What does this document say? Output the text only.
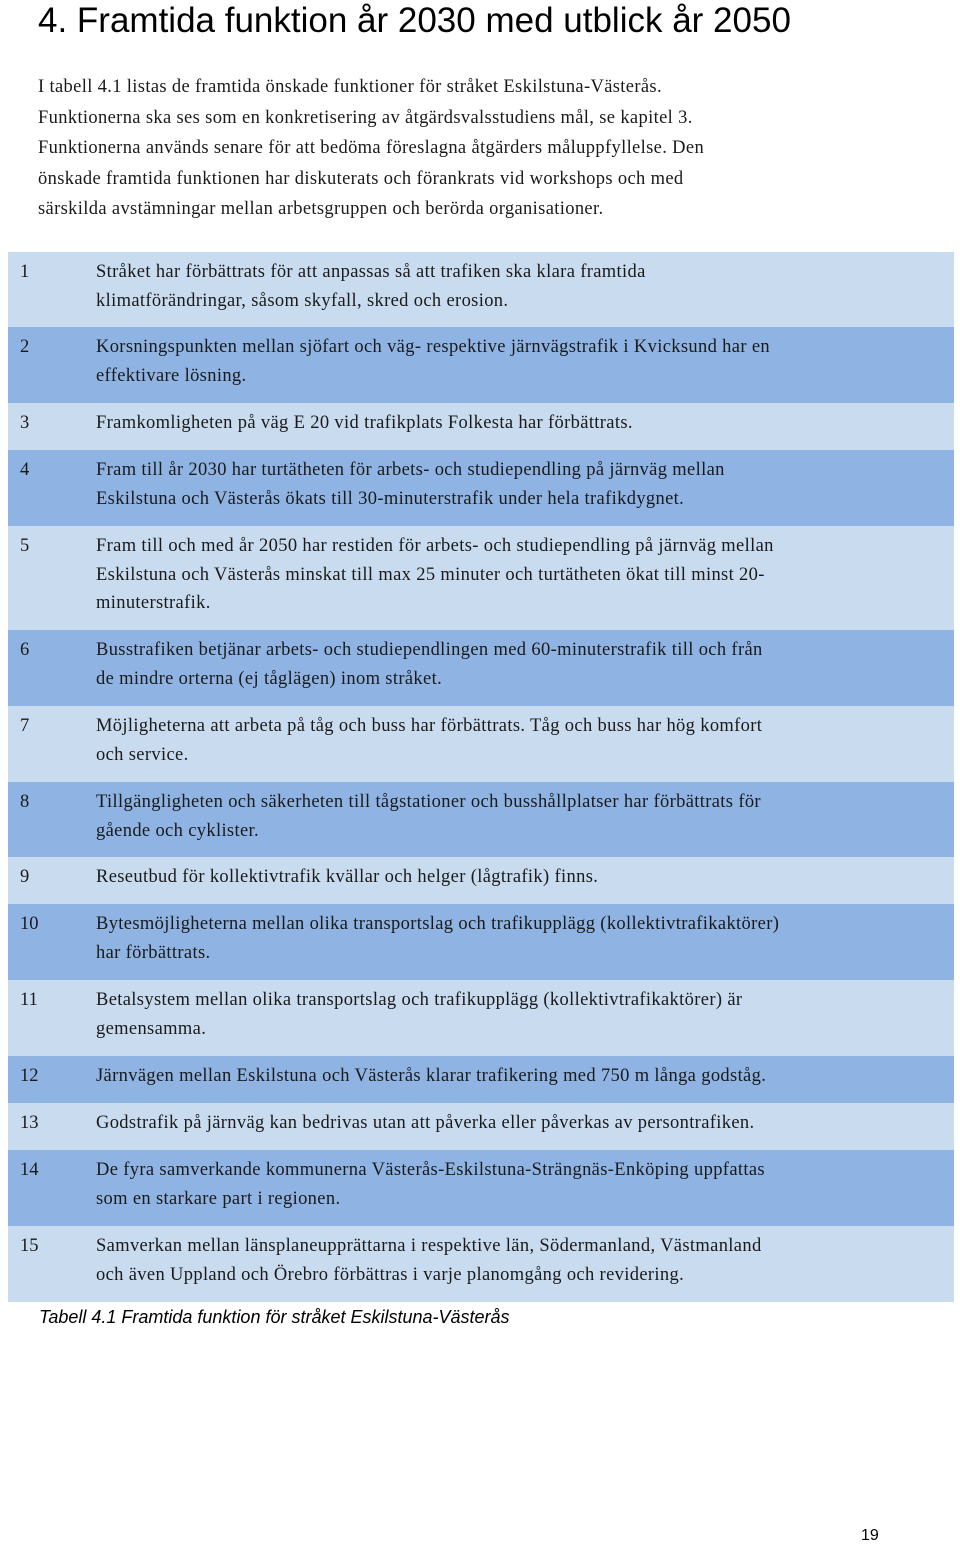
4. Framtida funktion år 2030 med utblick år 2050

I tabell 4.1 listas de framtida önskade funktioner för stråket Eskilstuna-Västerås.

Funktionerna ska ses som en konkretisering av åtgärdsvalsstudiens mål, se kapitel 3.

Funktionerna används senare för att bedöma föreslagna åtgärders måluppfyllelse. Den

önskade framtida funktionen har diskuterats och förankrats vid workshops och med

särskilda avstämningar mellan arbetsgruppen och berörda organisationer.

1	Stråket har förbättrats för att anpassas så att trafiken ska klara framtida
klimatförändringar, såsom skyfall, skred och erosion.
2	Korsningspunkten mellan sjöfart och väg- respektive järnvägstrafik i Kvicksund har en
effektivare lösning.
3	Framkomligheten på väg E 20 vid trafikplats Folkesta har förbättrats.
4	Fram till år 2030 har turtätheten för arbets- och studiependling på järnväg mellan
Eskilstuna och Västerås ökats till 30-minuterstrafik under hela trafikdygnet.
5	Fram till och med år 2050 har restiden för arbets- och studiependling på järnväg mellan
Eskilstuna och Västerås minskat till max 25 minuter och turtätheten ökat till minst 20-
minuterstrafik.
6	Busstrafiken betjänar arbets- och studiependlingen med 60-minuterstrafik till och från
de mindre orterna (ej tåglägen) inom stråket.
7	Möjligheterna att arbeta på tåg och buss har förbättrats. Tåg och buss har hög komfort
och service.
8	Tillgängligheten och säkerheten till tågstationer och busshållplatser har förbättrats för
gående och cyklister.
9	Reseutbud för kollektivtrafik kvällar och helger (lågtrafik) finns.
10	Bytesmöjligheterna mellan olika transportslag och trafikupplägg (kollektivtrafikaktörer)
har förbättrats.
11	Betalsystem mellan olika transportslag och trafikupplägg (kollektivtrafikaktörer) är
gemensamma.
12	Järnvägen mellan Eskilstuna och Västerås klarar trafikering med 750 m långa godståg.
13	Godstrafik på järnväg kan bedrivas utan att påverka eller påverkas av persontrafiken.
14	De fyra samverkande kommunerna Västerås-Eskilstuna-Strängnäs-Enköping uppfattas
som en starkare part i regionen.
15	Samverkan mellan länsplaneupprättarna i respektive län, Södermanland, Västmanland
och även Uppland och Örebro förbättras i varje planomgång och revidering.
Tabell 4.1 Framtida funktion för stråket Eskilstuna-Västerås
19
